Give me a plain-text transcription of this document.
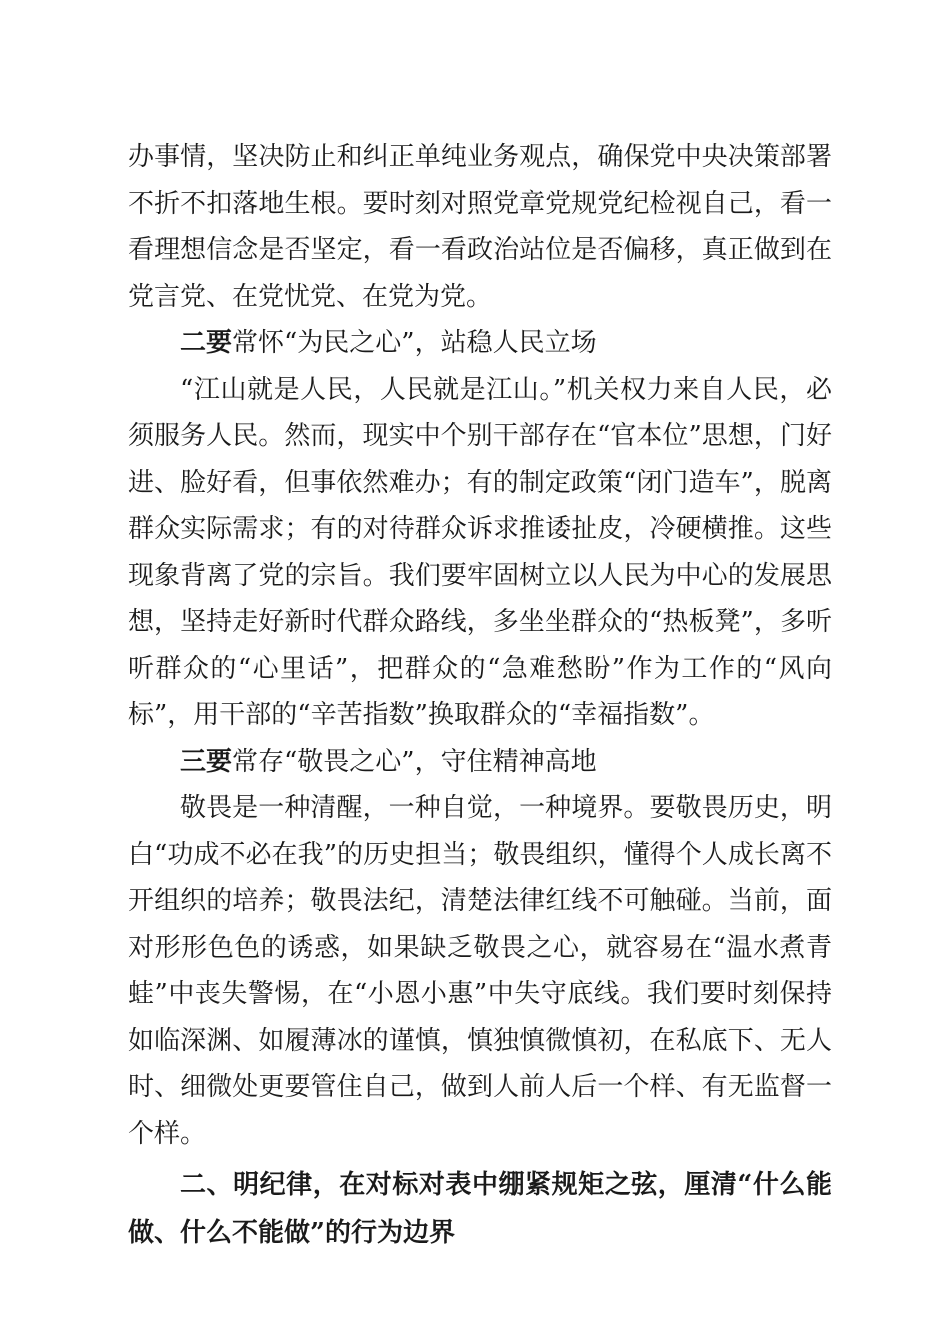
办事情，坚决防止和纠正单纯业务观点，确保党中央决策部署不折不扣落地生根。要时刻对照党章党规党纪检视自己，看一看理想信念是否坚定，看一看政治站位是否偏移，真正做到在党言党、在党忧党、在党为党。

二要常怀“为民之心”，站稳人民立场

“江山就是人民，人民就是江山。”机关权力来自人民，必须服务人民。然而，现实中个别干部存在“官本位”思想，门好进、脸好看，但事依然难办；有的制定政策“闭门造车”，脱离群众实际需求；有的对待群众诉求推诿扯皮，冷硬横推。这些现象背离了党的宗旨。我们要牢固树立以人民为中心的发展思想，坚持走好新时代群众路线，多坐坐群众的“热板凳”，多听听群众的“心里话”，把群众的“急难愁盼”作为工作的“风向标”，用干部的“辛苦指数”换取群众的“幸福指数”。

三要常存“敬畏之心”，守住精神高地

敬畏是一种清醒，一种自觉，一种境界。要敬畏历史，明白“功成不必在我”的历史担当；敬畏组织，懂得个人成长离不开组织的培养；敬畏法纪，清楚法律红线不可触碰。当前，面对形形色色的诱惑，如果缺乏敬畏之心，就容易在“温水煮青蛙”中丧失警惕，在“小恩小惠”中失守底线。我们要时刻保持如临深渊、如履薄冰的谨慎，慎独慎微慎初，在私底下、无人时、细微处更要管住自己，做到人前人后一个样、有无监督一个样。

二、明纪律，在对标对表中绷紧规矩之弦，厘清“什么能做、什么不能做”的行为边界
